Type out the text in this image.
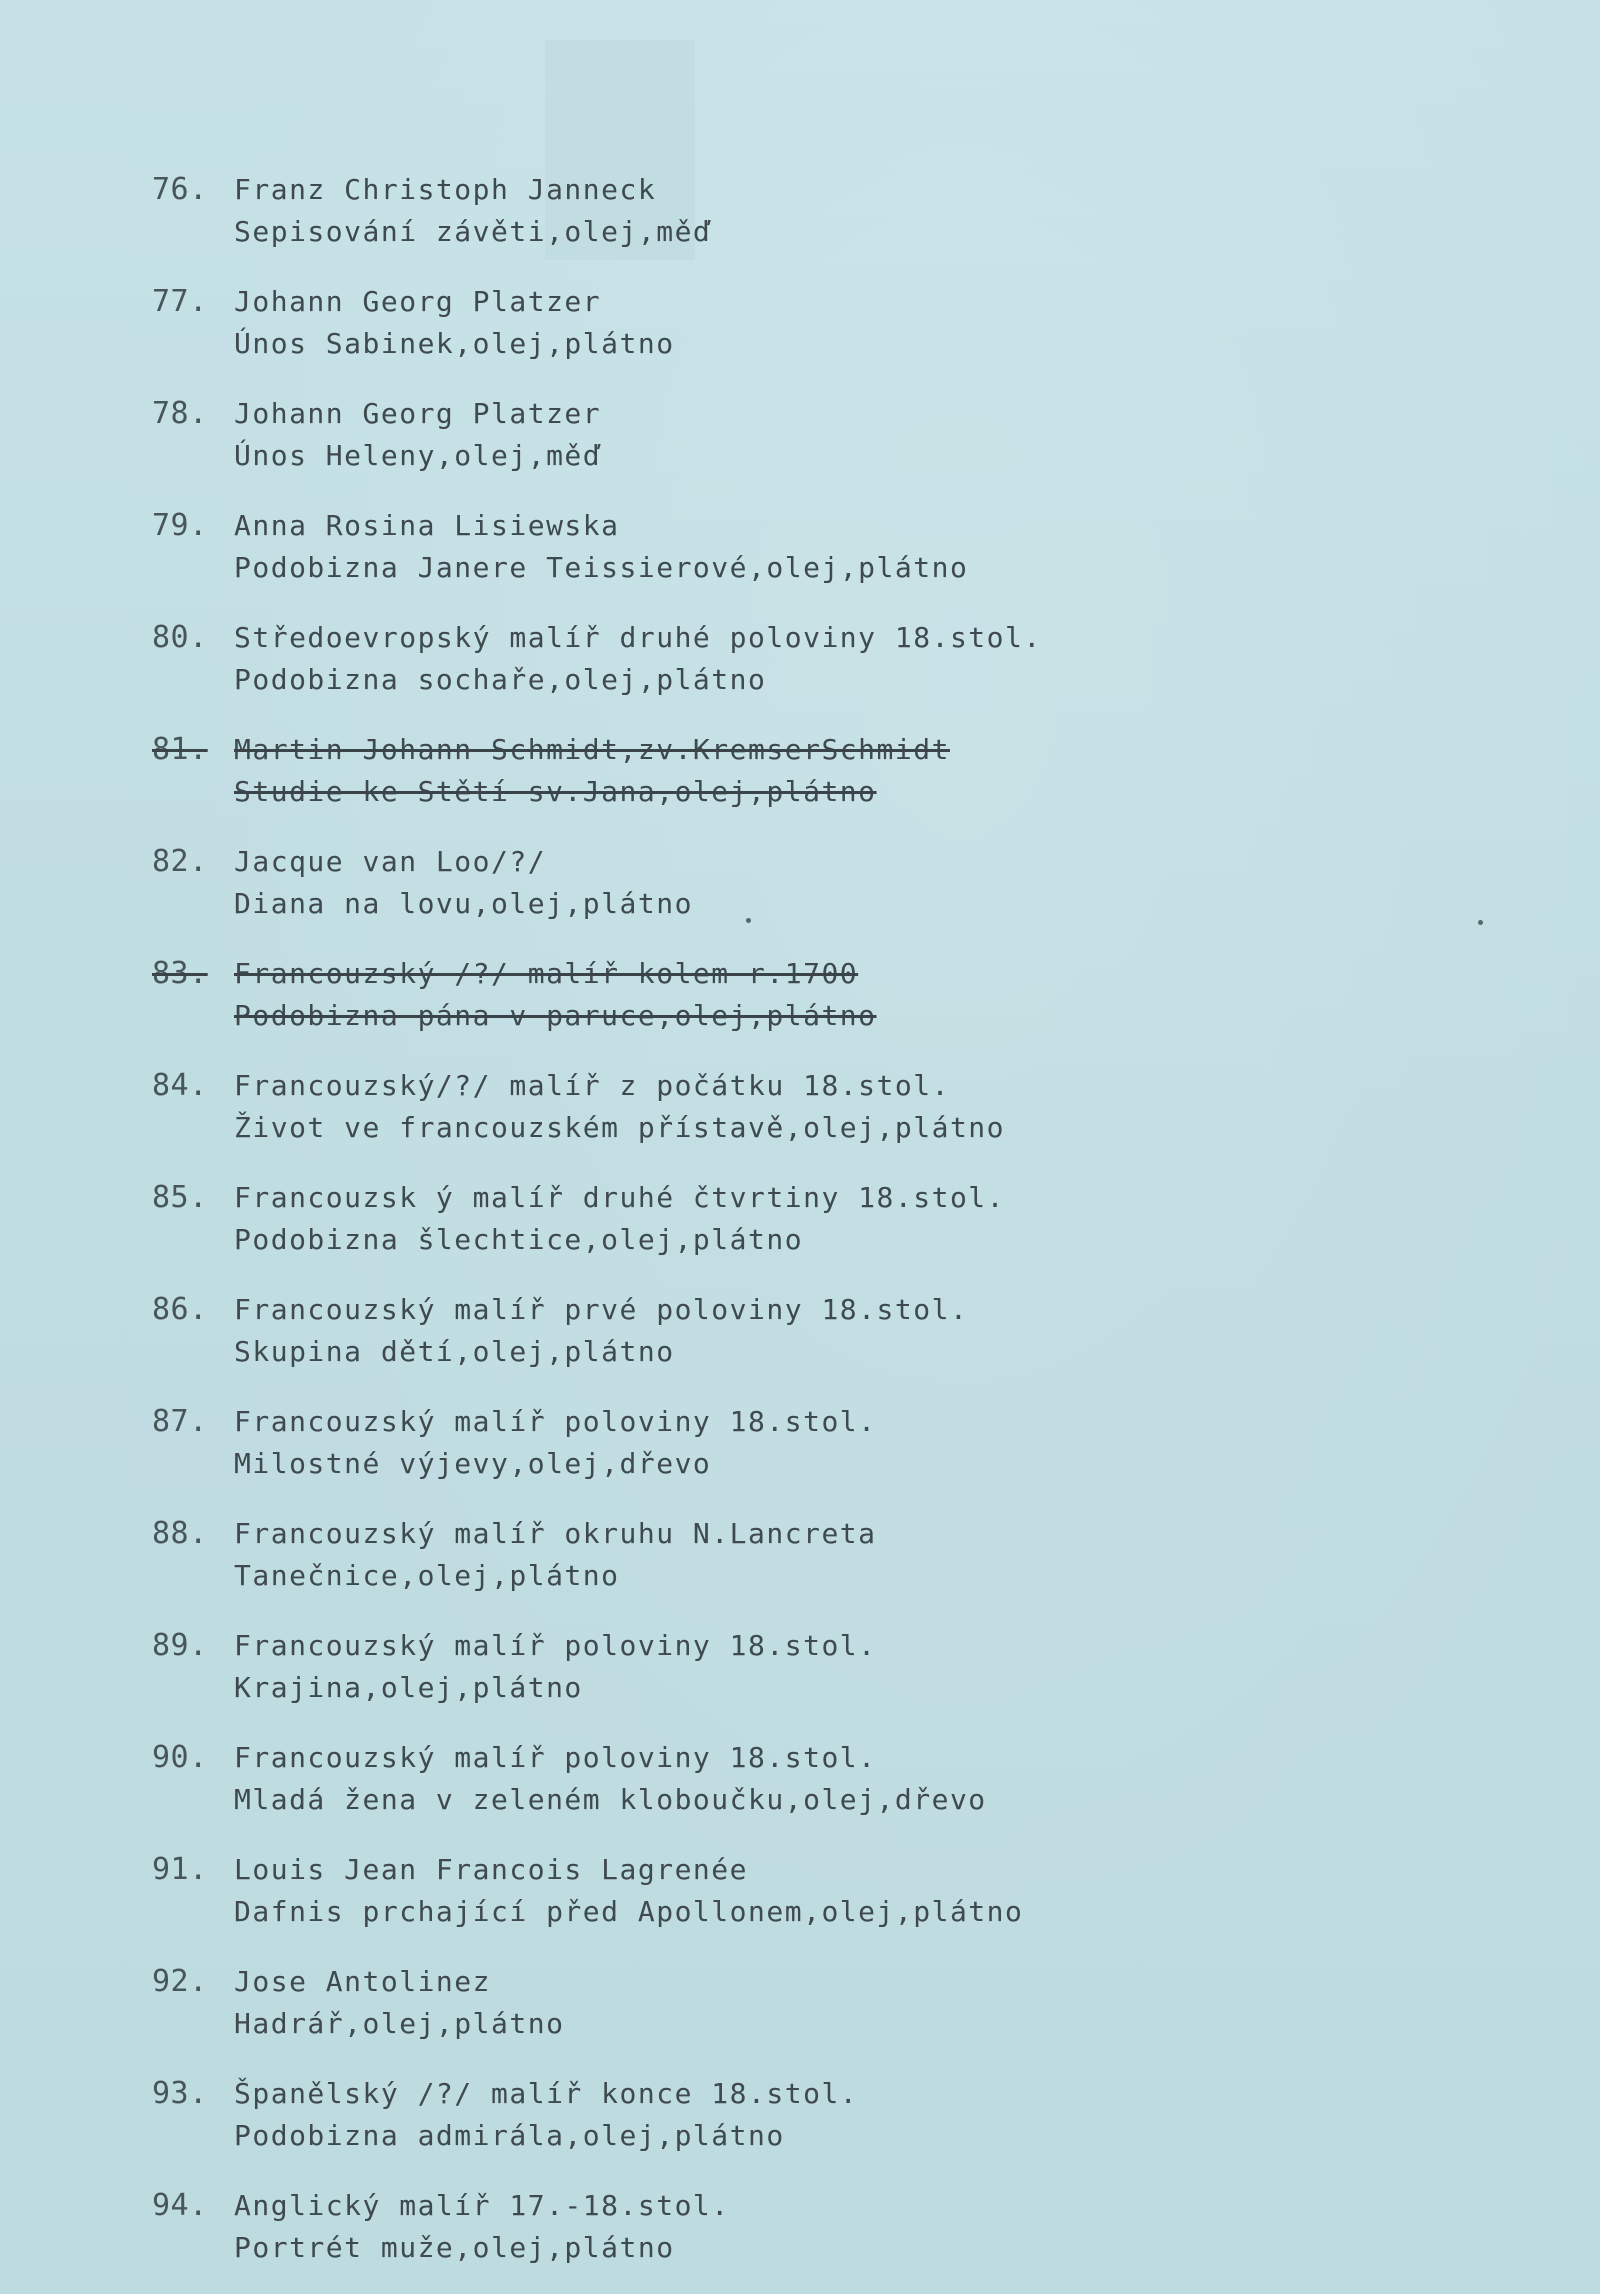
76. Franz Christoph Janneck
Sepisování závěti,olej,měď
77. Johann Georg Platzer
Únos Sabinek,olej,plátno
78. Johann Georg Platzer
Únos Heleny,olej,měď
79. Anna Rosina Lisiewska
Podobizna Janere Teissierové,olej,plátno
80. Středoevropský malíř druhé poloviny 18.stol.
Podobizna sochaře,olej,plátno
81. Martin Johann Schmidt,zv.KremserSchmidt
Studie ke Stětí sv.Jana,olej,plátno
82. Jacque van Loo/?/
Diana na lovu,olej,plátno
83. Francouzský /?/ malíř kolem r.1700
Podobizna pána v paruce,olej,plátno
84. Francouzský/?/ malíř z počátku 18.stol.
Život ve francouzském přístavě,olej,plátno
85. Francouzsk ý malíř druhé čtvrtiny 18.stol.
Podobizna šlechtice,olej,plátno
86. Francouzský malíř prvé poloviny 18.stol.
Skupina dětí,olej,plátno
87. Francouzský malíř poloviny 18.stol.
Milostné výjevy,olej,dřevo
88. Francouzský malíř okruhu N.Lancreta
Tanečnice,olej,plátno
89. Francouzský malíř poloviny 18.stol.
Krajina,olej,plátno
90. Francouzský malíř poloviny 18.stol.
Mladá žena v zeleném kloboučku,olej,dřevo
91. Louis Jean Francois Lagrenée
Dafnis prchající před Apollonem,olej,plátno
92. Jose Antolinez
Hadrář,olej,plátno
93. Španělský /?/ malíř konce 18.stol.
Podobizna admirála,olej,plátno
94. Anglický malíř 17.-18.stol.
Portrét muže,olej,plátno
